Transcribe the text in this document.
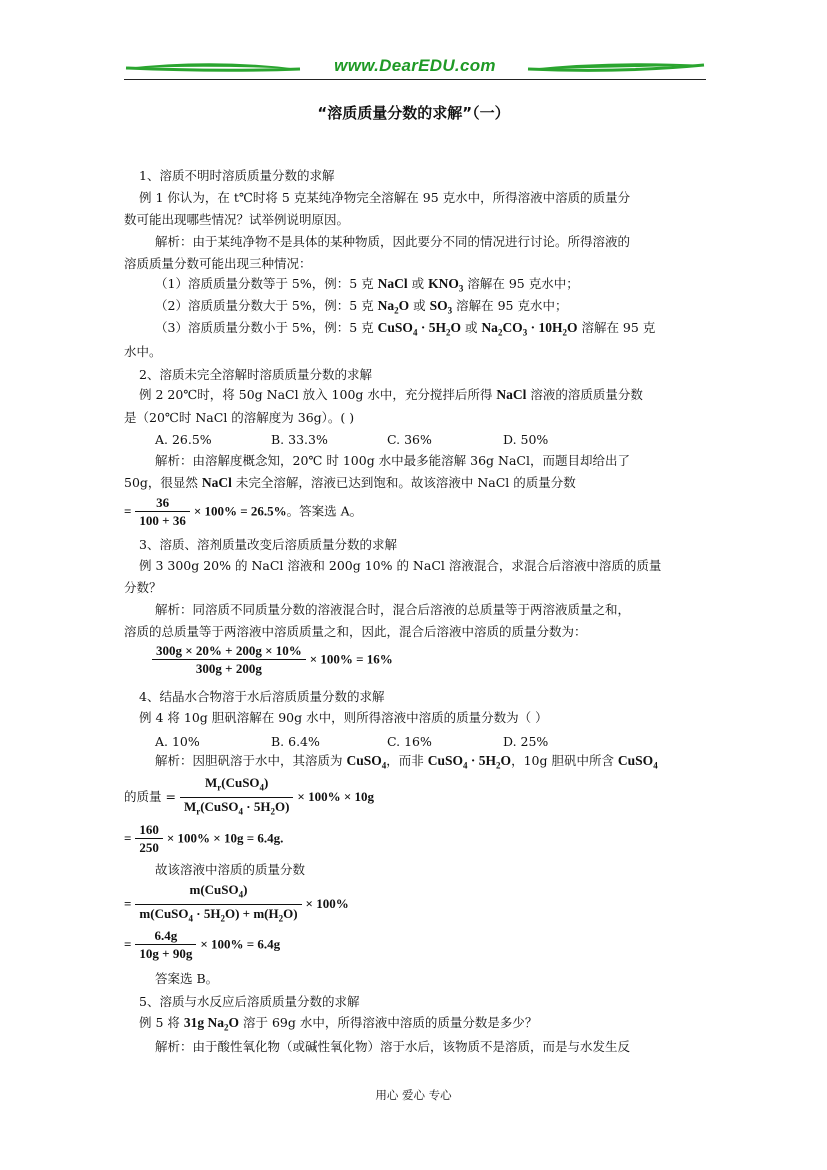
www.DearEDU.com
“溶质质量分数的求解”（一）
1、溶质不明时溶质质量分数的求解
例 1 你认为，在 t℃时将 5 克某纯净物完全溶解在 95 克水中，所得溶液中溶质的质量分
数可能出现哪些情况？试举例说明原因。
解析：由于某纯净物不是具体的某种物质，因此要分不同的情况进行讨论。所得溶液的
溶质质量分数可能出现三种情况：
（1）溶质质量分数等于 5%，例：5 克 NaCl 或 $KNO_3$ 溶解在 95 克水中；
（2）溶质质量分数大于 5%，例：5 克 $Na_2O$ 或 $SO_3$ 溶解在 95 克水中；
（3）溶质质量分数小于 5%，例：5 克 CuSO$_4$ · $5H_2O$ 或 $Na_2CO_3 \cdot 10H_2O$ 溶解在 95 克
水中。
2、溶质未完全溶解时溶质质量分数的求解
例 2 20℃时，将 50g NaCl 放入 100g 水中，充分搅拌后所得 NaCl 溶液的溶质质量分数
是（20℃时 NaCl 的溶解度为 36g）。( )
A. 26.5%	B. 33.3%	C. 36%	D. 50%
解析：由溶解度概念知，20℃ 时 100g 水中最多能溶解 36g NaCl，而题目却给出了
50g，很显然 NaCl 未完全溶解，溶液已达到饱和。故该溶液中 NaCl 的质量分数
= $\frac{36}{100 + 36} \times 100\% = 26.5\%$。答案选 A。
3、溶质、溶剂质量改变后溶质质量分数的求解
例 3 300g 20% 的 NaCl 溶液和 200g 10% 的 NaCl 溶液混合，求混合后溶液中溶质的质量
分数？
解析：同溶质不同质量分数的溶液混合时，混合后溶液的总质量等于两溶液质量之和，
溶质的总质量等于两溶液中溶质质量之和，因此，混合后溶液中溶质的质量分数为：
$\frac{300g \times 20\% + 200g \times 10\%}{300g + 200g} \times 100\% = 16\%$
4、结晶水合物溶于水后溶质质量分数的求解
例 4 将 10g 胆矾溶解在 90g 水中，则所得溶液中溶质的质量分数为（ ）
A. 10%	B. 6.4%	C. 16%	D. 25%
解析：因胆矾溶于水中，其溶质为 CuSO$_4$，而非 CuSO$_4$ · $5H_2O$，10g 胆矾中所含 CuSO$_4$
的质量 = $\frac{M_r(CuSO_4)}{M_r(CuSO_4 \cdot 5H_2O)} \times 100\% \times 10g$
= $\frac{160}{250} \times 100\% \times 10g = 6.4g$.
故该溶液中溶质的质量分数
= $\frac{m(CuSO_4)}{m(CuSO_4 \cdot 5H_2O) + m(H_2O)} \times 100\%$
= $\frac{6.4g}{10g + 90g} \times 100\% = 6.4g$
答案选 B。
5、溶质与水反应后溶质质量分数的求解
例 5 将 31g $Na_2O$ 溶于 69g 水中，所得溶液中溶质的质量分数是多少？
解析：由于酸性氧化物（或碱性氧化物）溶于水后，该物质不是溶质，而是与水发生反
用心 爱心 专心
